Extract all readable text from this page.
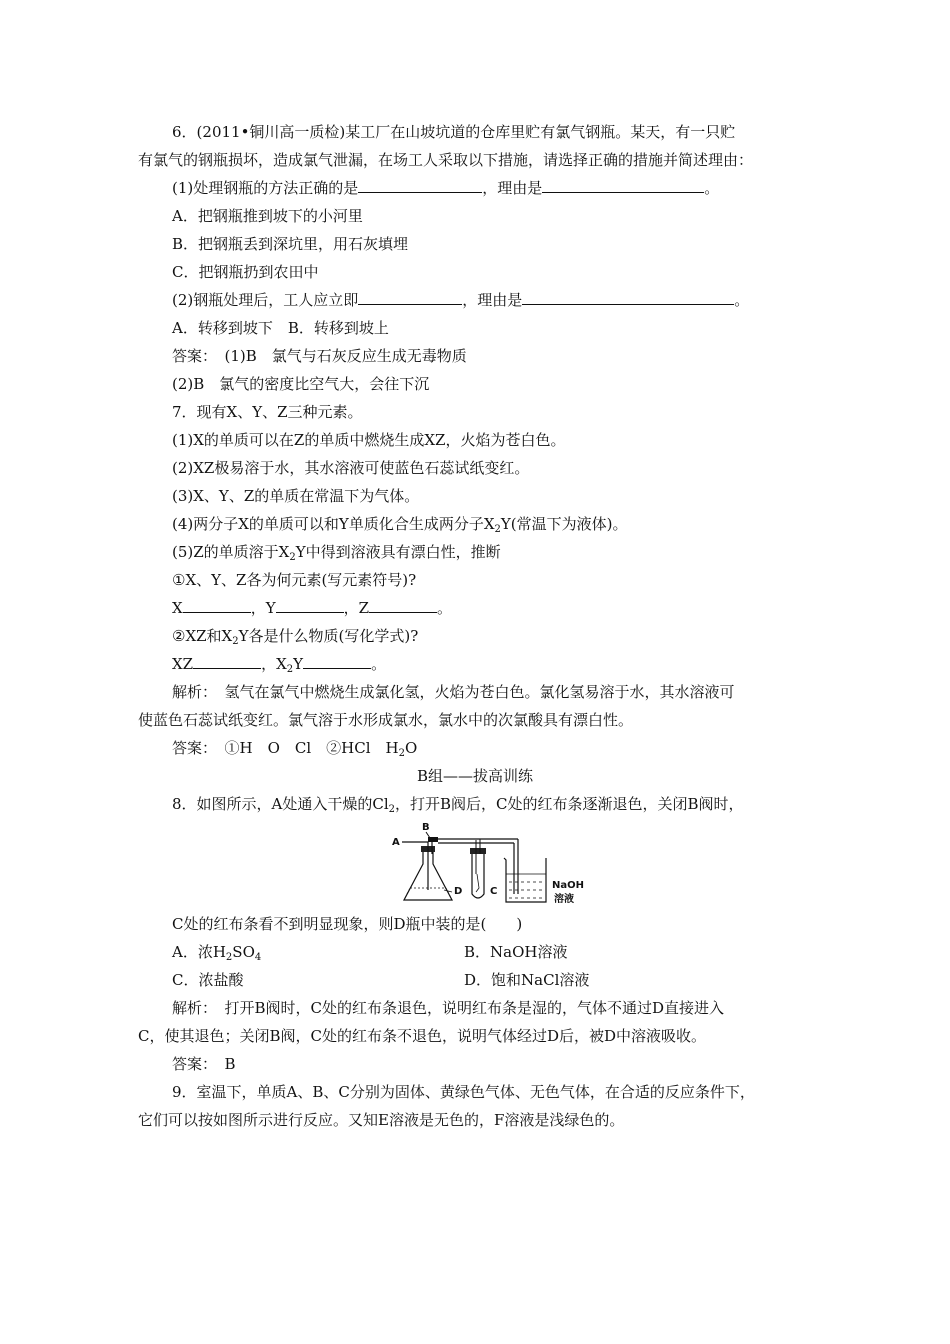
6．(2011•铜川高一质检)某工厂在山坡坑道的仓库里贮有氯气钢瓶。某天，有一只贮
有氯气的钢瓶损坏，造成氯气泄漏，在场工人采取以下措施，请选择正确的措施并简述理由：
(1)处理钢瓶的方法正确的是	，理由是	。
A．把钢瓶推到坡下的小河里
B．把钢瓶丢到深坑里，用石灰填埋
C．把钢瓶扔到农田中
(2)钢瓶处理后，工人应立即	，理由是	。
A．转移到坡下　B．转移到坡上
答案：　(1)B　氯气与石灰反应生成无毒物质
(2)B　氯气的密度比空气大，会往下沉
7．现有X、Y、Z三种元素。
(1)X的单质可以在Z的单质中燃烧生成XZ，火焰为苍白色。
(2)XZ极易溶于水，其水溶液可使蓝色石蕊试纸变红。
(3)X、Y、Z的单质在常温下为气体。
(4)两分子X的单质可以和Y单质化合生成两分子$X_2Y$(常温下为液体)。
(5)Z的单质溶于$X_2Y$中得到溶液具有漂白性，推断
①X、Y、Z各为何元素(写元素符号)?
X	，Y	，Z	。
②XZ和$X_2Y$各是什么物质(写化学式)?
XZ	，$X_2Y$	。
解析：　氢气在氯气中燃烧生成氯化氢，火焰为苍白色。氯化氢易溶于水，其水溶液可
使蓝色石蕊试纸变红。氯气溶于水形成氯水，氯水中的次氯酸具有漂白性。
答案：　①H　O　Cl　②HCl　$H_2O$
B组——拔高训练
8．如图所示，A处通入干燥的$Cl_2$，打开B阀后，C处的红布条逐渐退色，关闭B阀时，
A
B
D	C
NaOH
溶液
C处的红布条看不到明显现象，则D瓶中装的是(　　)
A．浓$H_2SO_4$	B．NaOH溶液
C．浓盐酸	D．饱和NaCl溶液
解析：　打开B阀时，C处的红布条退色，说明红布条是湿的，气体不通过D直接进入
C，使其退色；关闭B阀，C处的红布条不退色，说明气体经过D后，被D中溶液吸收。
答案：　B
9．室温下，单质A、B、C分别为固体、黄绿色气体、无色气体，在合适的反应条件下，
它们可以按如图所示进行反应。又知E溶液是无色的，F溶液是浅绿色的。
